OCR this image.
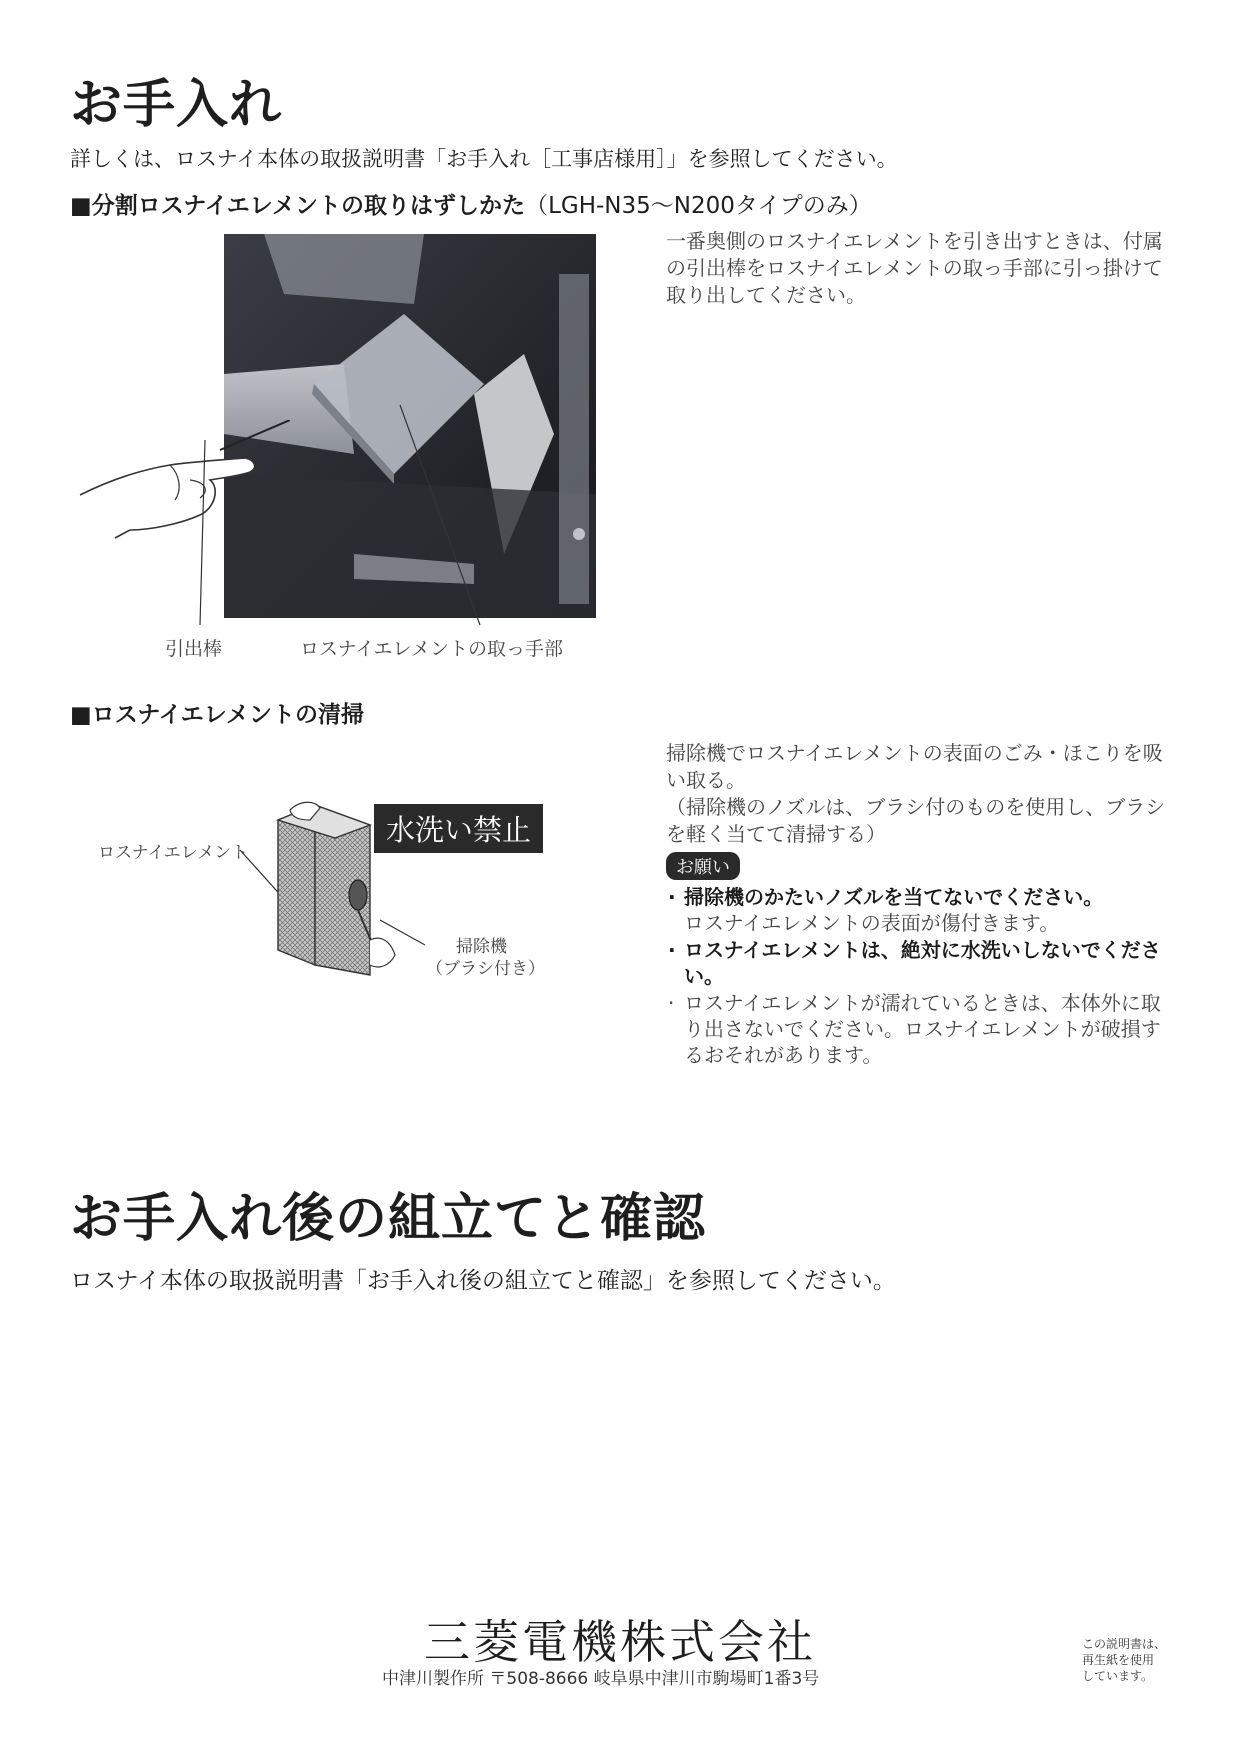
お手入れ
詳しくは、ロスナイ本体の取扱説明書「お手入れ［工事店様用］」を参照してください。
■分割ロスナイエレメントの取りはずしかた（LGH-N35〜N200タイプのみ）
引出棒	ロスナイエレメントの取っ手部
一番奥側のロスナイエレメントを引き出すときは、付属の引出棒をロスナイエレメントの取っ手部に引っ掛けて取り出してください。
■ロスナイエレメントの清掃
ロスナイエレメント
水洗い禁止
掃除機
（ブラシ付き）
掃除機でロスナイエレメントの表面のごみ・ほこりを吸い取る。
（掃除機のノズルは、ブラシ付のものを使用し、ブラシを軽く当てて清掃する）
お願い
· 掃除機のかたいノズルを当てないでください。
ロスナイエレメントの表面が傷付きます。
· ロスナイエレメントは、絶対に水洗いしないでください。
· ロスナイエレメントが濡れているときは、本体外に取り出さないでください。ロスナイエレメントが破損するおそれがあります。
お手入れ後の組立てと確認
ロスナイ本体の取扱説明書「お手入れ後の組立てと確認」を参照してください。
三菱電機株式会社
中津川製作所 〒508-8666 岐阜県中津川市駒場町1番3号
この説明書は、
再生紙を使用
しています。
